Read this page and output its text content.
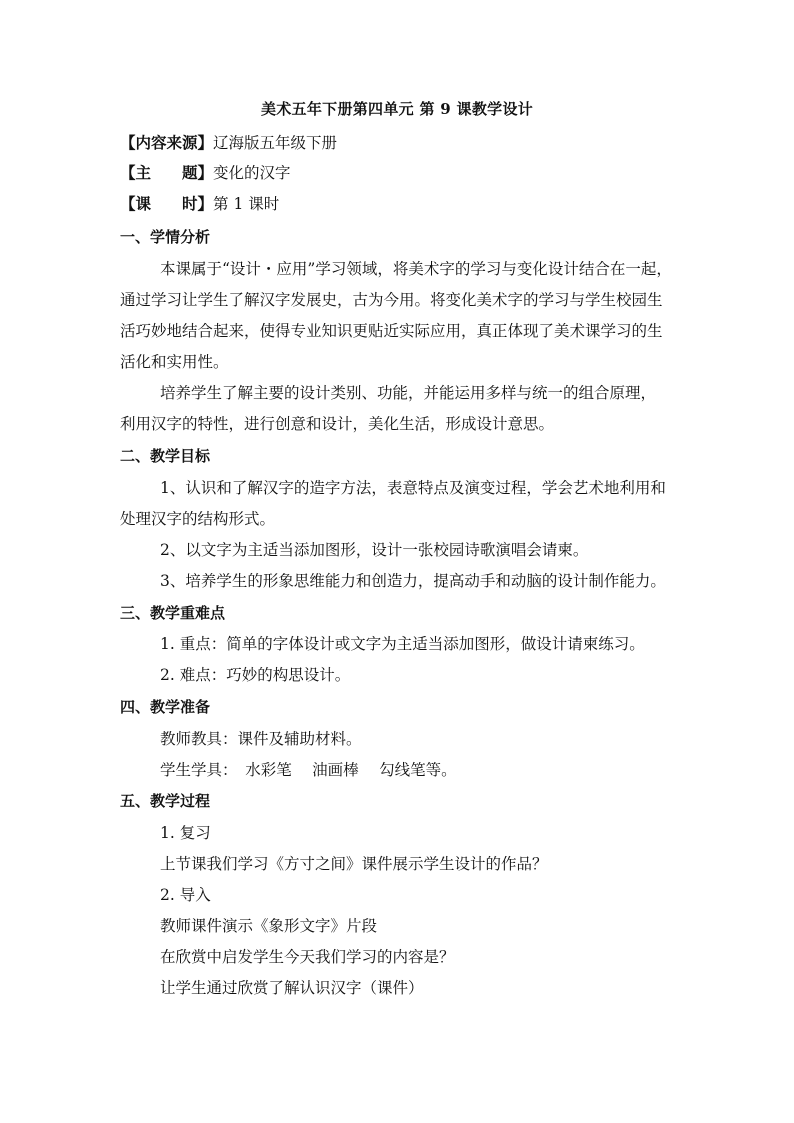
美术五年下册第四单元 第 9 课教学设计
【内容来源】辽海版五年级下册
【主　　题】变化的汉字
【课　　时】第 1 课时
一、学情分析
本课属于“设计・应用”学习领域，将美术字的学习与变化设计结合在一起，
通过学习让学生了解汉字发展史，古为今用。将变化美术字的学习与学生校园生
活巧妙地结合起来，使得专业知识更贴近实际应用，真正体现了美术课学习的生
活化和实用性。
培养学生了解主要的设计类别、功能，并能运用多样与统一的组合原理，
利用汉字的特性，进行创意和设计，美化生活，形成设计意思。
二、教学目标
1、认识和了解汉字的造字方法，表意特点及演变过程，学会艺术地利用和
处理汉字的结构形式。
2、以文字为主适当添加图形，设计一张校园诗歌演唱会请柬。
3、培养学生的形象思维能力和创造力，提高动手和动脑的设计制作能力。
三、教学重难点
1. 重点：简单的字体设计或文字为主适当添加图形，做设计请柬练习。
2. 难点：巧妙的构思设计。
四、教学准备
教师教具：课件及辅助材料。
学生学具：　水彩笔　 油画棒　 勾线笔等。
五、教学过程
1. 复习
上节课我们学习《方寸之间》课件展示学生设计的作品？
2. 导入
教师课件演示《象形文字》片段
在欣赏中启发学生今天我们学习的内容是？
让学生通过欣赏了解认识汉字（课件）
